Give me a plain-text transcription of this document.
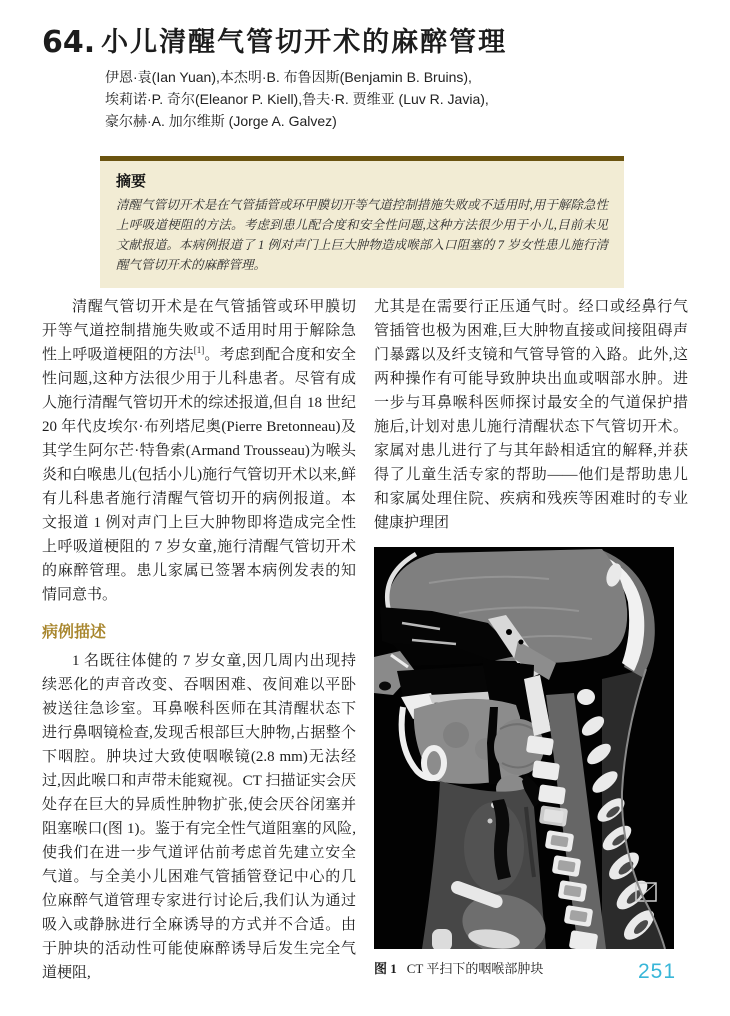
64. 小儿清醒气管切开术的麻醉管理
伊恩·袁(Ian Yuan),本杰明·B. 布鲁因斯(Benjamin B. Bruins),
埃莉诺·P. 奇尔(Eleanor P. Kiell),鲁夫·R. 贾维亚 (Luv R. Javia),
豪尔赫·A. 加尔维斯 (Jorge A. Galvez)
摘要

清醒气管切开术是在气管插管或环甲膜切开等气道控制措施失败或不适用时,用于解除急性上呼吸道梗阻的方法。考虑到患儿配合度和安全性问题,这种方法很少用于小儿,目前未见文献报道。本病例报道了 1 例对声门上巨大肿物造成喉部入口阻塞的 7 岁女性患儿施行清醒气管切开术的麻醉管理。

清醒气管切开术是在气管插管或环甲膜切开等气道控制措施失败或不适用时用于解除急性上呼吸道梗阻的方法[1]。考虑到配合度和安全性问题,这种方法很少用于儿科患者。尽管有成人施行清醒气管切开术的综述报道,但自 18 世纪 20 年代皮埃尔·布列塔尼奥(Pierre Bretonneau)及其学生阿尔芒·特鲁索(Armand Trousseau)为喉头炎和白喉患儿(包括小儿)施行气管切开术以来,鲜有儿科患者施行清醒气管切开的病例报道。本文报道 1 例对声门上巨大肿物即将造成完全性上呼吸道梗阻的 7 岁女童,施行清醒气管切开术的麻醉管理。患儿家属已签署本病例发表的知情同意书。

病例描述

1 名既往体健的 7 岁女童,因几周内出现持续恶化的声音改变、吞咽困难、夜间难以平卧被送往急诊室。耳鼻喉科医师在其清醒状态下进行鼻咽镜检查,发现舌根部巨大肿物,占据整个下咽腔。肿块过大致使咽喉镜(2.8 mm)无法经过,因此喉口和声带未能窥视。CT 扫描证实会厌处存在巨大的异质性肿物扩张,使会厌谷闭塞并阻塞喉口(图 1)。鉴于有完全性气道阻塞的风险,使我们在进一步气道评估前考虑首先建立安全气道。与全美小儿困难气管插管登记中心的几位麻醉气道管理专家进行讨论后,我们认为通过吸入或静脉进行全麻诱导的方式并不合适。由于肿块的活动性可能使麻醉诱导后发生完全气道梗阻,

尤其是在需要行正压通气时。经口或经鼻行气管插管也极为困难,巨大肿物直接或间接阻碍声门暴露以及纤支镜和气管导管的入路。此外,这两种操作有可能导致肿块出血或咽部水肿。进一步与耳鼻喉科医师探讨最安全的气道保护措施后,计划对患儿施行清醒状态下气管切开术。家属对患儿进行了与其年龄相适宜的解释,并获得了儿童生活专家的帮助——他们是帮助患儿和家属处理住院、疾病和残疾等困难时的专业健康护理团

图 1 CT 平扫下的咽喉部肿块	251
